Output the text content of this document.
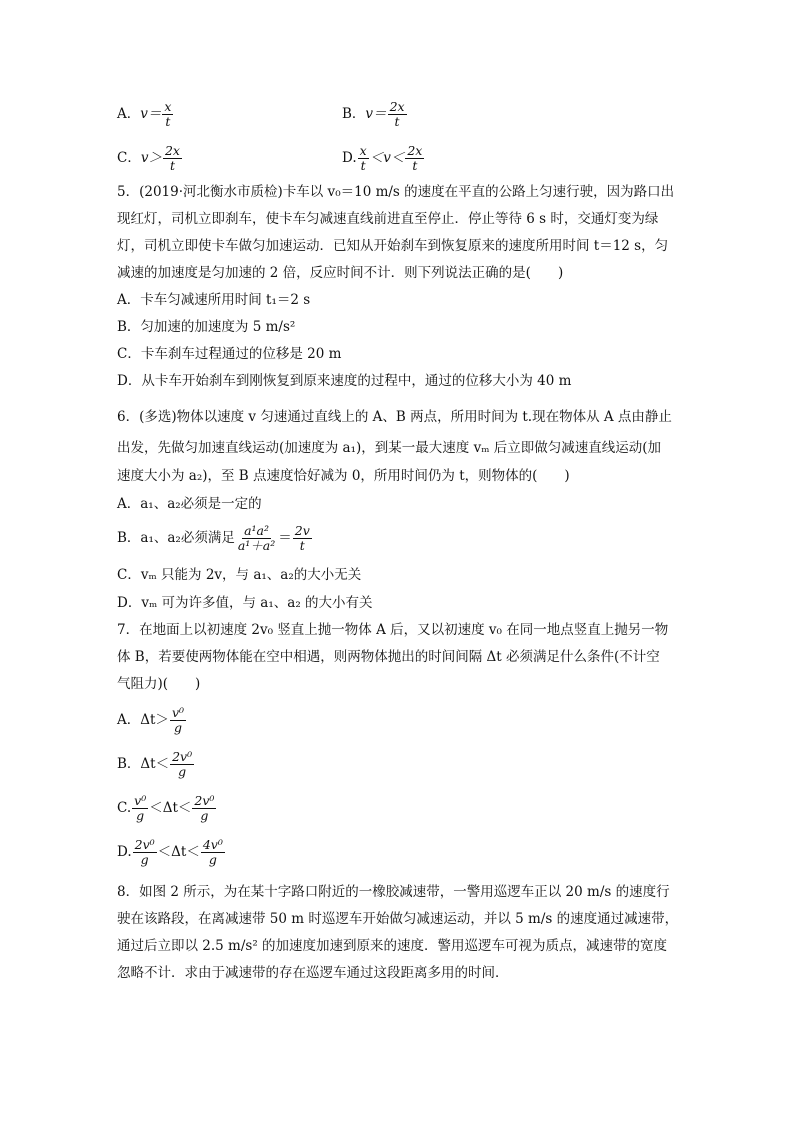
A．$v= \frac{x}{t}$	B．$v= \frac{2x}{t}$
C．$v> \frac{2x}{t}$	D. $\frac{x}{t} <v< \frac{2x}{t}$
5．(2019·河北衡水市质检)卡车以 v₀＝10 m/s 的速度在平直的公路上匀速行驶，因为路口出
现红灯，司机立即刹车，使卡车匀减速直线前进直至停止．停止等待 6 s 时，交通灯变为绿
灯，司机立即使卡车做匀加速运动．已知从开始刹车到恢复原来的速度所用时间 t＝12 s，匀
减速的加速度是匀加速的 2 倍，反应时间不计．则下列说法正确的是(　　)
A．卡车匀减速所用时间 t₁＝2 s
B．匀加速的加速度为 5 m/s²
C．卡车刹车过程通过的位移是 20 m
D．从卡车开始刹车到刚恢复到原来速度的过程中，通过的位移大小为 40 m
6．(多选)物体以速度 v 匀速通过直线上的 A、B 两点，所用时间为 t.现在物体从 A 点由静止
出发，先做匀加速直线运动(加速度为 a₁)，到某一最大速度 vₘ 后立即做匀减速直线运动(加
速度大小为 a₂)，至 B 点速度恰好减为 0，所用时间仍为 t，则物体的(　　)
A．a₁、a₂必须是一定的
B．a₁、a₂必须满足 $\frac{\text{a¹a²}}{\text{a¹＋a²}} = \frac{2v}{t}$
C．vₘ 只能为 2v，与 a₁、a₂的大小无关
D．vₘ 可为许多值，与 a₁、a₂ 的大小有关
7．在地面上以初速度 2v₀ 竖直上抛一物体 A 后，又以初速度 v₀ 在同一地点竖直上抛另一物
体 B，若要使两物体能在空中相遇，则两物体抛出的时间间隔 Δt 必须满足什么条件(不计空
气阻力)(　　)
A．$\Delta t> \frac{\text{v⁰}}{g}$
B．$\Delta t< \frac{\text{2v⁰}}{g}$
C. $\frac{\text{v⁰}}{g} <\Delta t< \frac{\text{2v⁰}}{g}$
D. $\frac{\text{2v⁰}}{g} <\Delta t< \frac{\text{4v⁰}}{g}$
8．如图 2 所示，为在某十字路口附近的一橡胶减速带，一警用巡逻车正以 20 m/s 的速度行
驶在该路段，在离减速带 50 m 时巡逻车开始做匀减速运动，并以 5 m/s 的速度通过减速带，
通过后立即以 2.5 m/s² 的加速度加速到原来的速度．警用巡逻车可视为质点，减速带的宽度
忽略不计．求由于减速带的存在巡逻车通过这段距离多用的时间．
